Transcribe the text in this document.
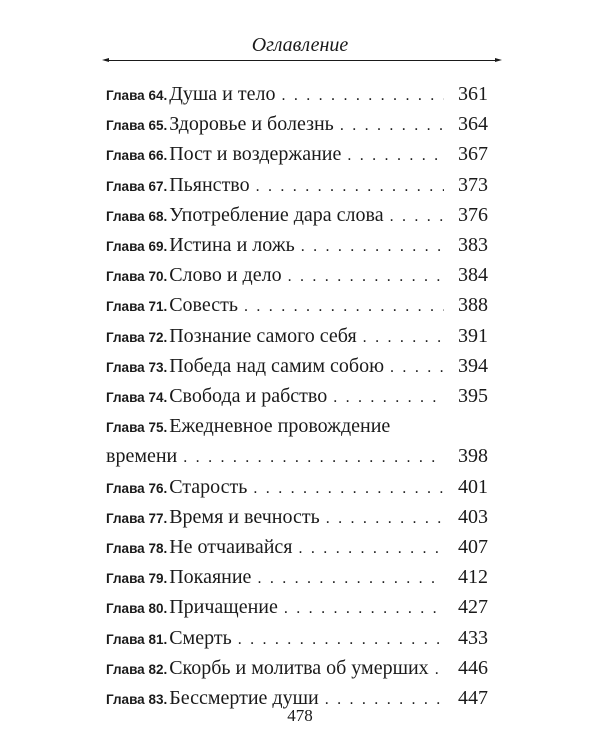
Оглавление
Глава 64. Душа и тело . . .	361
Глава 65. Здоровье и болезнь . . .	364
Глава 66. Пост и воздержание . . .	367
Глава 67. Пьянство . . .	373
Глава 68. Употребление дара слова . . .	376
Глава 69. Истина и ложь . . .	383
Глава 70. Слово и дело . . .	384
Глава 71. Совесть . . .	388
Глава 72. Познание самого себя . . .	391
Глава 73. Победа над самим собою . . .	394
Глава 74. Свобода и рабство . . .	395
Глава 75. Ежедневное провождение
времени . . .	398
Глава 76. Старость . . .	401
Глава 77. Время и вечность . . .	403
Глава 78. Не отчаивайся . . .	407
Глава 79. Покаяние . . .	412
Глава 80. Причащение . . .	427
Глава 81. Смерть . . .	433
Глава 82. Скорбь и молитва об умерших . . .	446
Глава 83. Бессмертие души . . .	447
478
